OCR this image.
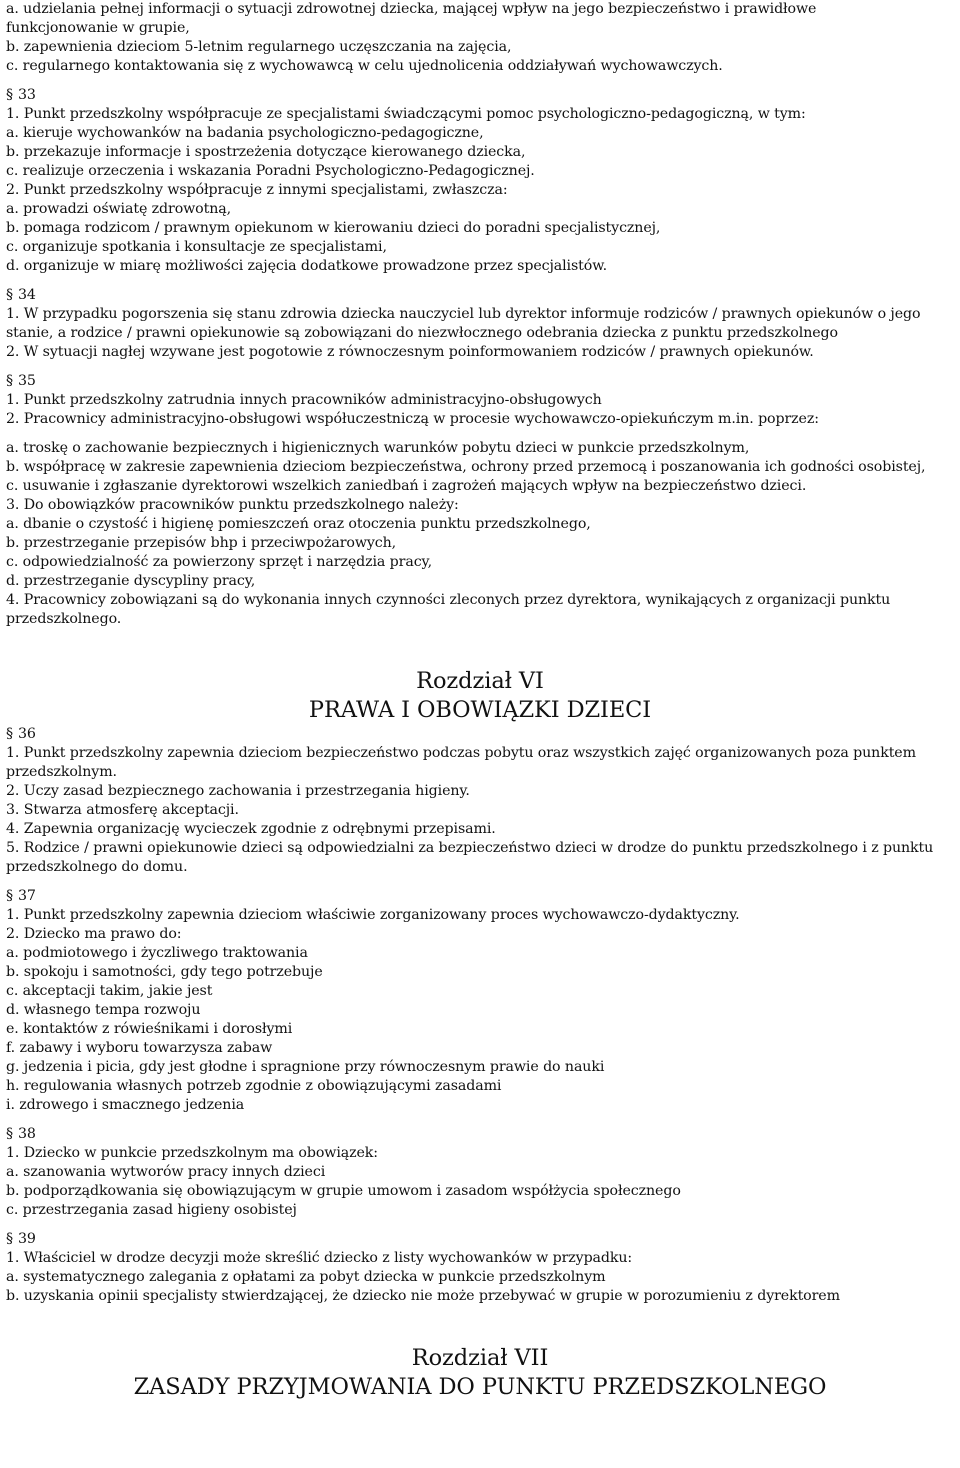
a. udzielania pełnej informacji o sytuacji zdrowotnej dziecka, mającej wpływ na jego bezpieczeństwo i prawidłowe
funkcjonowanie w grupie,
b. zapewnienia dzieciom 5-letnim regularnego uczęszczania na zajęcia,
c. regularnego kontaktowania się z wychowawcą w celu ujednolicenia oddziaływań wychowawczych.
§ 33
1. Punkt przedszkolny współpracuje ze specjalistami świadczącymi pomoc psychologiczno-pedagogiczną, w tym:
a. kieruje wychowanków na badania psychologiczno-pedagogiczne,
b. przekazuje informacje i spostrzeżenia dotyczące kierowanego dziecka,
c. realizuje orzeczenia i wskazania Poradni Psychologiczno-Pedagogicznej.
2. Punkt przedszkolny współpracuje z innymi specjalistami, zwłaszcza:
a. prowadzi oświatę zdrowotną,
b. pomaga rodzicom / prawnym opiekunom w kierowaniu dzieci do poradni specjalistycznej,
c. organizuje spotkania i konsultacje ze specjalistami,
d. organizuje w miarę możliwości zajęcia dodatkowe prowadzone przez specjalistów.
§ 34
1. W przypadku pogorszenia się stanu zdrowia dziecka nauczyciel lub dyrektor informuje rodziców / prawnych opiekunów o jego stanie, a rodzice / prawni opiekunowie są zobowiązani do niezwłocznego odebrania dziecka z punktu przedszkolnego
2. W sytuacji nagłej wzywane jest pogotowie z równoczesnym poinformowaniem rodziców / prawnych opiekunów.
§ 35
1. Punkt przedszkolny zatrudnia innych pracowników administracyjno-obsługowych
2. Pracownicy administracyjno-obsługowi współuczestniczą w procesie wychowawczo-opiekuńczym m.in. poprzez:
a. troskę o zachowanie bezpiecznych i higienicznych warunków pobytu dzieci w punkcie przedszkolnym,
b. współpracę w zakresie zapewnienia dzieciom bezpieczeństwa, ochrony przed przemocą i poszanowania ich godności osobistej,
c. usuwanie i zgłaszanie dyrektorowi wszelkich zaniedbań i zagrożeń mających wpływ na bezpieczeństwo dzieci.
3. Do obowiązków pracowników punktu przedszkolnego należy:
a. dbanie o czystość i higienę pomieszczeń oraz otoczenia punktu przedszkolnego,
b. przestrzeganie przepisów bhp i przeciwpożarowych,
c. odpowiedzialność za powierzony sprzęt i narzędzia pracy,
d. przestrzeganie dyscypliny pracy,
4. Pracownicy zobowiązani są do wykonania innych czynności zleconych przez dyrektora, wynikających z organizacji punktu przedszkolnego.
Rozdział VI
PRAWA I OBOWIĄZKI DZIECI
§ 36
1. Punkt przedszkolny zapewnia dzieciom bezpieczeństwo podczas pobytu oraz wszystkich zajęć organizowanych poza punktem przedszkolnym.
2. Uczy zasad bezpiecznego zachowania i przestrzegania higieny.
3. Stwarza atmosferę akceptacji.
4. Zapewnia organizację wycieczek zgodnie z odrębnymi przepisami.
5. Rodzice / prawni opiekunowie dzieci są odpowiedzialni za bezpieczeństwo dzieci w drodze do punktu przedszkolnego i z punktu przedszkolnego do domu.
§ 37
1. Punkt przedszkolny zapewnia dzieciom właściwie zorganizowany proces wychowawczo-dydaktyczny.
2. Dziecko ma prawo do:
a. podmiotowego i życzliwego traktowania
b. spokoju i samotności, gdy tego potrzebuje
c. akceptacji takim, jakie jest
d. własnego tempa rozwoju
e. kontaktów z rówieśnikami i dorosłymi
f. zabawy i wyboru towarzysza zabaw
g. jedzenia i picia, gdy jest głodne i spragnione przy równoczesnym prawie do nauki
h. regulowania własnych potrzeb zgodnie z obowiązującymi zasadami
i. zdrowego i smacznego jedzenia
§ 38
1. Dziecko w punkcie przedszkolnym ma obowiązek:
a. szanowania wytworów pracy innych dzieci
b. podporządkowania się obowiązującym w grupie umowom i zasadom współżycia społecznego
c. przestrzegania zasad higieny osobistej
§ 39
1. Właściciel w drodze decyzji może skreślić dziecko z listy wychowanków w przypadku:
a. systematycznego zalegania z opłatami za pobyt dziecka w punkcie przedszkolnym
b. uzyskania opinii specjalisty stwierdzającej, że dziecko nie może przebywać w grupie w porozumieniu z dyrektorem
Rozdział VII
ZASADY PRZYJMOWANIA DO PUNKTU PRZEDSZKOLNEGO
